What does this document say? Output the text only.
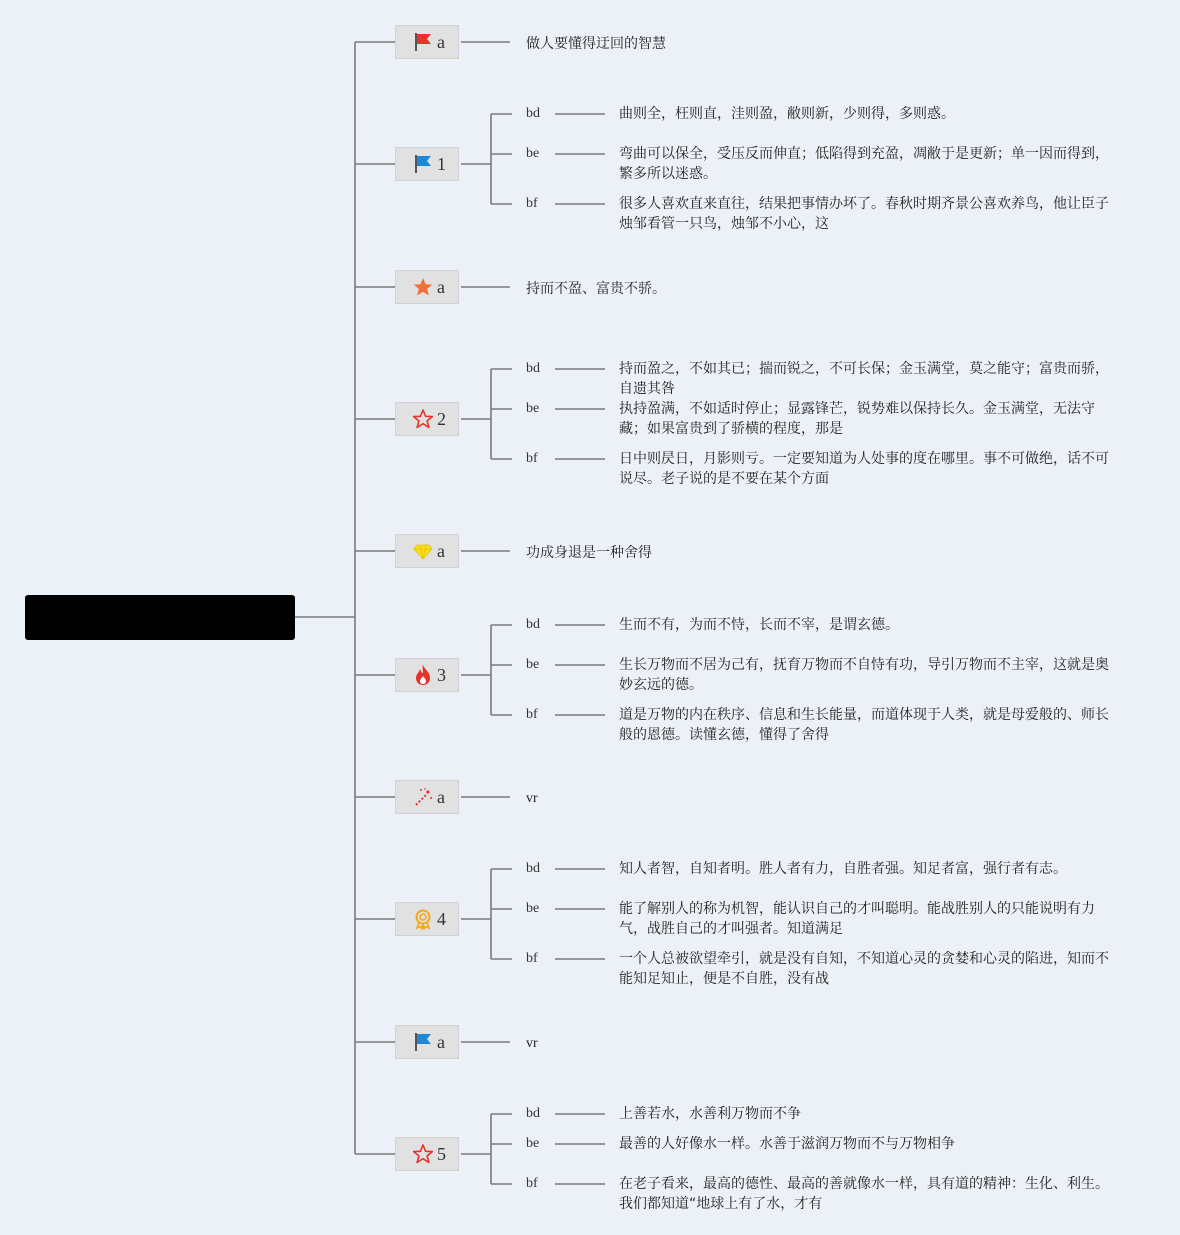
a	做人要懂得迂回的智慧
1
bd	曲则全，枉则直，洼则盈，敝则新，少则得，多则惑。
be	弯曲可以保全，受压反而伸直；低陷得到充盈，凋敝于是更新；单一因而得到，繁多所以迷惑。
bf	很多人喜欢直来直往，结果把事情办坏了。春秋时期齐景公喜欢养鸟，他让臣子烛邹看管一只鸟，烛邹不小心，这
a	持而不盈、富贵不骄。
2
bd	持而盈之，不如其已；揣而锐之，不可长保；金玉满堂，莫之能守；富贵而骄，自遗其咎
be	执持盈满，不如适时停止；显露锋芒，锐势难以保持长久。金玉满堂，无法守藏；如果富贵到了骄横的程度，那是
bf	日中则昃日，月影则亏。一定要知道为人处事的度在哪里。事不可做绝，话不可说尽。老子说的是不要在某个方面
a	功成身退是一种舍得
3
bd	生而不有，为而不恃，长而不宰，是谓玄德。
be	生长万物而不居为己有，抚育万物而不自恃有功，导引万物而不主宰，这就是奥妙玄远的德。
bf	道是万物的内在秩序、信息和生长能量，而道体现于人类，就是母爱般的、师长般的恩德。读懂玄德，懂得了舍得
a	vr
4
bd	知人者智，自知者明。胜人者有力，自胜者强。知足者富，强行者有志。
be	能了解别人的称为机智，能认识自己的才叫聪明。能战胜别人的只能说明有力气，战胜自己的才叫强者。知道满足
bf	一个人总被欲望牵引，就是没有自知，不知道心灵的贪婪和心灵的陷进，知而不能知足知止，便是不自胜，没有战
a	vr
5
bd	上善若水，水善利万物而不争
be	最善的人好像水一样。水善于滋润万物而不与万物相争
bf	在老子看来，最高的德性、最高的善就像水一样，具有道的精神：生化、利生。我们都知道“地球上有了水，才有
